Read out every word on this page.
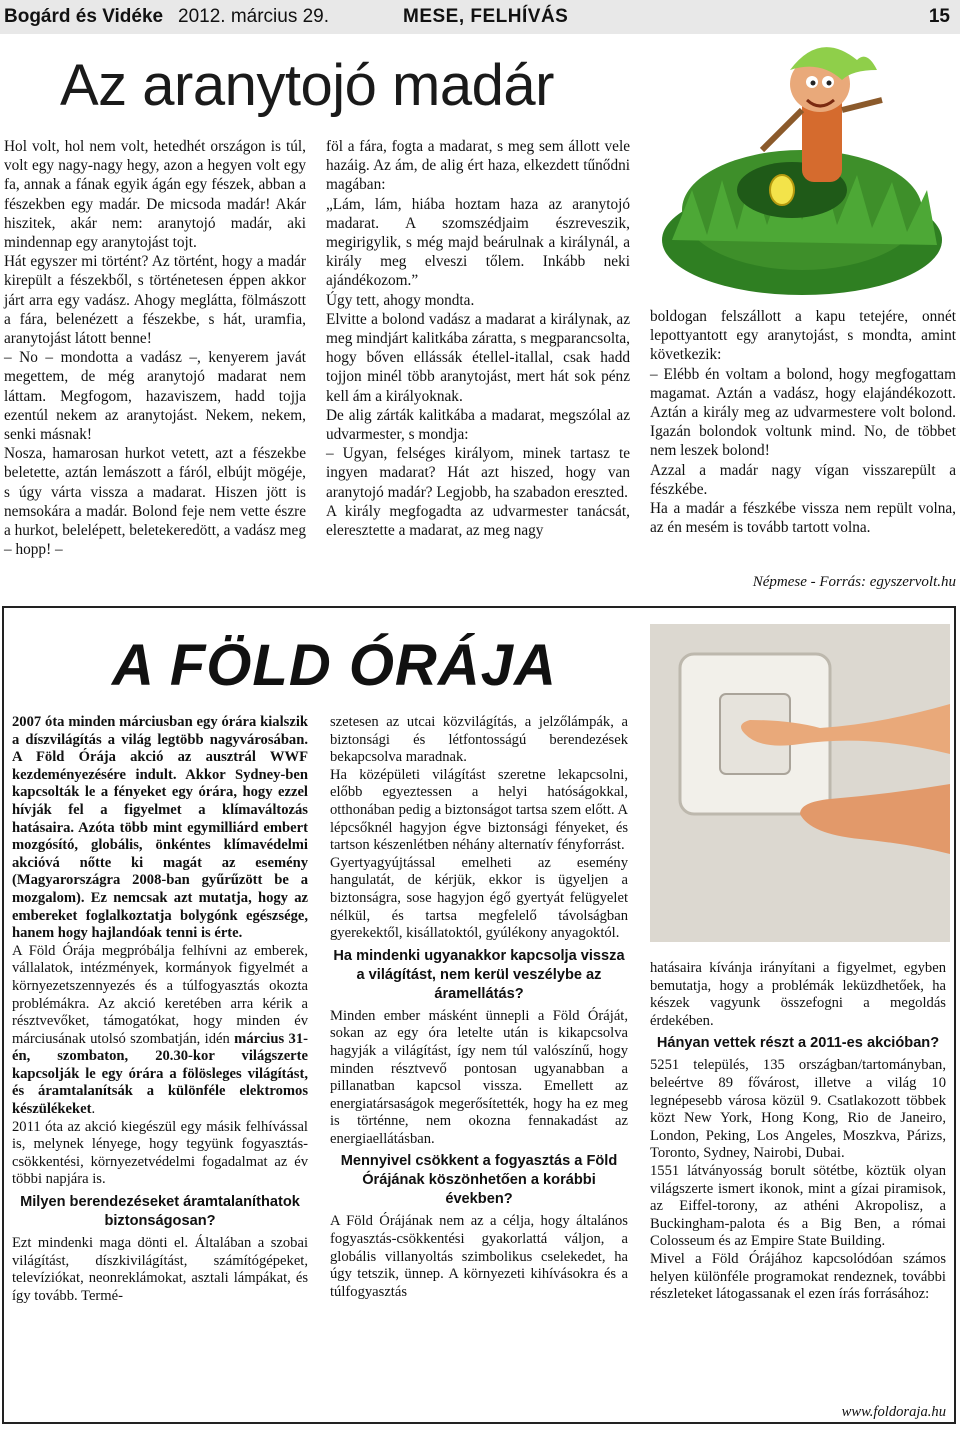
Bogárd és Vidéke 2012. március 29.	MESE, FELHÍVÁS	15
Az aranytojó madár

Hol volt, hol nem volt, hetedhét országon is túl, volt egy nagy-nagy hegy, azon a hegyen volt egy fa, annak a fának egyik ágán egy fészek, abban a fészekben egy madár. De micsoda madár! Akár hiszitek, akár nem: aranytojó madár, aki mindennap egy aranytojást tojt.

Hát egyszer mi történt? Az történt, hogy a madár kirepült a fészekből, s történetesen éppen akkor járt arra egy vadász. Ahogy meglátta, fölmászott a fára, belenézett a fészekbe, s hát, uramfia, aranytojást látott benne!

– No – mondotta a vadász –, kenyerem javát megettem, de még aranytojó madarat nem láttam. Megfogom, hazaviszem, hadd tojja ezentúl nekem az aranytojást. Nekem, nekem, senki másnak!

Nosza, hamarosan hurkot vetett, azt a fészekbe beletette, aztán lemászott a fáról, elbújt mögéje, s úgy várta vissza a madarat. Hiszen jött is nemsokára a madár. Bolond feje nem vette észre a hurkot, belelépett, beletekeredött, a vadász meg – hopp! –

föl a fára, fogta a madarat, s meg sem állott vele hazáig. Az ám, de alig ért haza, elkezdett tűnődni magában:

„Lám, lám, hiába hoztam haza az aranytojó madarat. A szomszédjaim észreveszik, megirigylik, s még majd beárulnak a királynál, a király meg elveszi tőlem. Inkább neki ajándékozom.”

Úgy tett, ahogy mondta.

Elvitte a bolond vadász a madarat a királynak, az meg mindjárt kalitkába záratta, s megparancsolta, hogy bőven ellássák étellel-itallal, csak hadd tojjon minél több aranytojást, mert hát sok pénz kell ám a királyoknak.

De alig zárták kalitkába a madarat, megszólal az udvarmester, s mondja:

– Ugyan, felséges királyom, minek tartasz te ingyen madarat? Hát azt hiszed, hogy van aranytojó madár? Legjobb, ha szabadon ereszted.

A király megfogadta az udvarmester tanácsát, eleresztette a madarat, az meg nagy

boldogan felszállott a kapu tetejére, onnét lepottyantott egy aranytojást, s mondta, amint következik:

– Elébb én voltam a bolond, hogy megfogattam magamat. Aztán a vadász, hogy elajándékozott. Aztán a király meg az udvarmestere volt bolond. Igazán bolondok voltunk mind. No, de többet nem leszek bolond!

Azzal a madár nagy vígan visszarepült a fészkébe.

Ha a madár a fészkébe vissza nem repült volna, az én mesém is tovább tartott volna.

Népmese - Forrás: egyszervolt.hu
A FÖLD ÓRÁJA

2007 óta minden márciusban egy órára kialszik a díszvilágítás a világ legtöbb nagyvárosában. A Föld Órája akció az ausztrál WWF kezdeményezésére indult. Akkor Sydney-ben kapcsolták le a fényeket egy órára, hogy ezzel hívják fel a figyelmet a klímaváltozás hatásaira. Azóta több mint egymilliárd embert mozgósító, globális, önkéntes klímavédelmi akcióvá nőtte ki magát az esemény (Magyarországra 2008-ban gyűrűzött be a mozgalom). Ez nemcsak azt mutatja, hogy az embereket foglalkoztatja bolygónk egészsége, hanem hogy hajlandóak tenni is érte.

A Föld Órája megpróbálja felhívni az emberek, vállalatok, intézmények, kormányok figyelmét a környezetszennyezés és a túlfogyasztás okozta problémákra. Az akció keretében arra kérik a résztvevőket, támogatókat, hogy minden év márciusának utolsó szombatján, idén március 31-én, szombaton, 20.30-kor világszerte kapcsolják le egy órára a fölösleges világítást, és áramtalanítsák a különféle elektromos készülékeket.

2011 óta az akció kiegészül egy másik felhívással is, melynek lényege, hogy tegyünk fogyasztás-csökkentési, környezetvédelmi fogadalmat az év többi napjára is.

Milyen berendezéseket áramtalaníthatok biztonságosan?

Ezt mindenki maga dönti el. Általában a szobai világítást, díszkivilágítást, számítógépeket, televíziókat, neonreklámokat, asztali lámpákat, és így tovább. Termé-

szetesen az utcai közvilágítás, a jelzőlámpák, a biztonsági és létfontosságú berendezések bekapcsolva maradnak.

Ha középületi világítást szeretne lekapcsolni, előbb egyeztessen a helyi hatóságokkal, otthonában pedig a biztonságot tartsa szem előtt. A lépcsőknél hagyjon égve biztonsági fényeket, és tartson készenlétben néhány alternatív fényforrást.

Gyertyagyújtással emelheti az esemény hangulatát, de kérjük, ekkor is ügyeljen a biztonságra, sose hagyjon égő gyertyát felügyelet nélkül, és tartsa megfelelő távolságban gyerekektől, kisállatoktól, gyúlékony anyagoktól.

Ha mindenki ugyanakkor kapcsolja vissza a világítást, nem kerül veszélybe az áramellátás?

Minden ember másként ünnepli a Föld Óráját, sokan az egy óra letelte után is kikapcsolva hagyják a világítást, így nem túl valószínű, hogy minden résztvevő pontosan ugyanabban a pillanatban kapcsol vissza. Emellett az energiatársaságok megerősítették, hogy ha ez meg is történne, nem okozna fennakadást az energiaellátásban.

Mennyivel csökkent a fogyasztás a Föld Órájának köszönhetően a korábbi években?

A Föld Órájának nem az a célja, hogy általános fogyasztás-csökkentési gyakorlattá váljon, a globális villanyoltás szimbolikus cselekedet, ha úgy tetszik, ünnep. A környezeti kihívásokra és a túlfogyasztás

hatásaira kívánja irányítani a figyelmet, egyben bemutatja, hogy a problémák leküzdhetőek, ha készek vagyunk összefogni a megoldás érdekében.

Hányan vettek részt a 2011-es akcióban?

5251 település, 135 országban/tartományban, beleértve 89 fővárost, illetve a világ 10 legnépesebb városa közül 9. Csatlakozott többek közt New York, Hong Kong, Rio de Janeiro, London, Peking, Los Angeles, Moszkva, Párizs, Toronto, Sydney, Nairobi, Dubai.

1551 látványosság borult sötétbe, köztük olyan világszerte ismert ikonok, mint a gízai piramisok, az Eiffel-torony, az athéni Akropolisz, a Buckingham-palota és a Big Ben, a római Colosseum és az Empire State Building.

Mivel a Föld Órájához kapcsolódóan számos helyen különféle programokat rendeznek, további részleteket látogassanak el ezen írás forrásához:

www.foldoraja.hu
